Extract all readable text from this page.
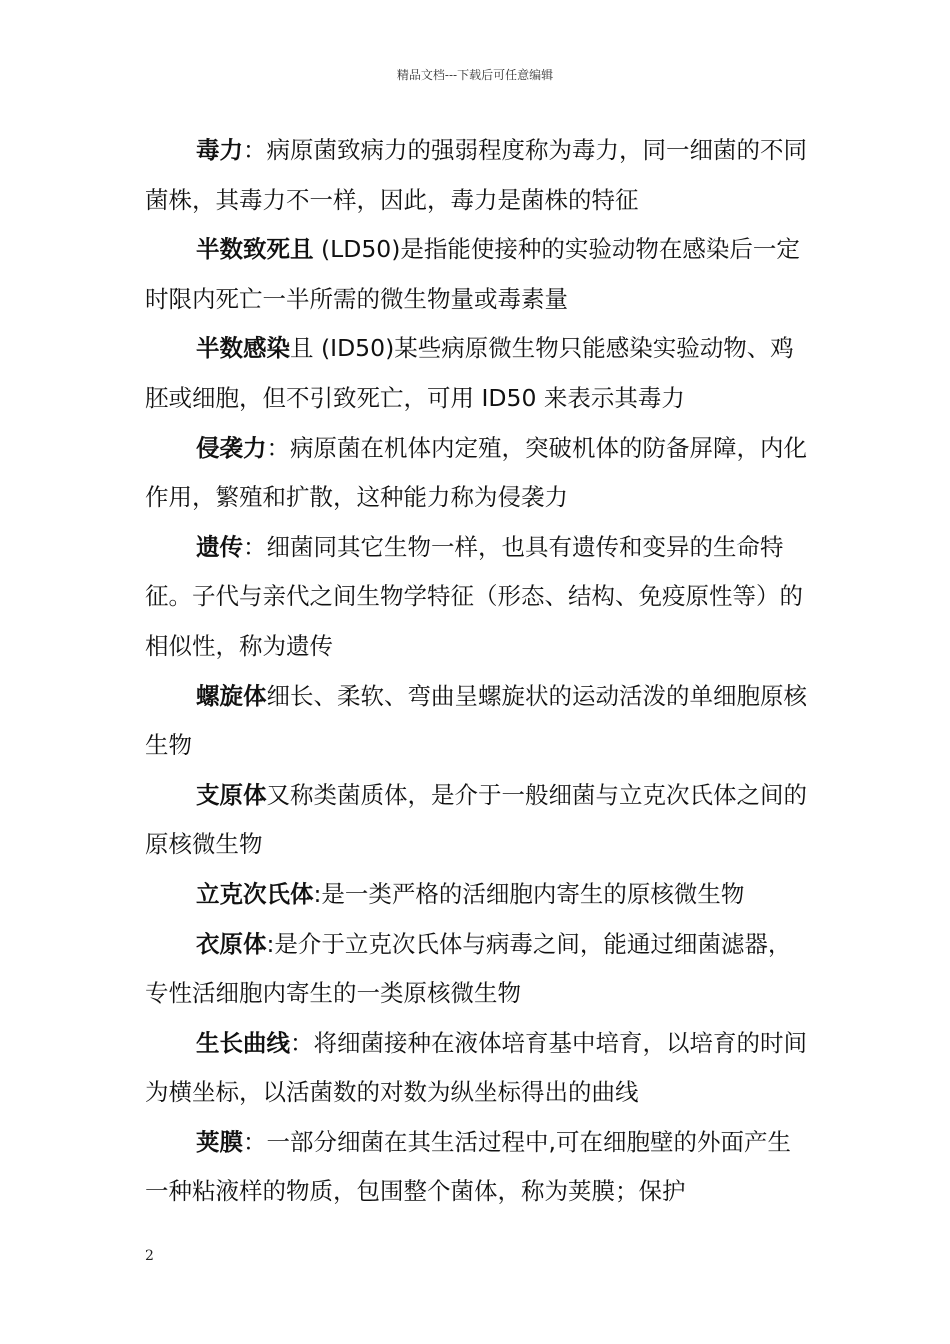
精品文档---下载后可任意编辑

毒力：病原菌致病力的强弱程度称为毒力，同一细菌的不同菌株，其毒力不一样，因此，毒力是菌株的特征

半数致死且 (LD50)是指能使接种的实验动物在感染后一定时限内死亡一半所需的微生物量或毒素量

半数感染且 (ID50)某些病原微生物只能感染实验动物、鸡胚或细胞，但不引致死亡，可用 ID50 来表示其毒力

侵袭力：病原菌在机体内定殖，突破机体的防备屏障，内化作用，繁殖和扩散，这种能力称为侵袭力

遗传：细菌同其它生物一样，也具有遗传和变异的生命特征。子代与亲代之间生物学特征（形态、结构、免疫原性等）的相似性，称为遗传

螺旋体细长、柔软、弯曲呈螺旋状的运动活泼的单细胞原核生物

支原体又称类菌质体，是介于一般细菌与立克次氏体之间的原核微生物

立克次氏体:是一类严格的活细胞内寄生的原核微生物

衣原体:是介于立克次氏体与病毒之间，能通过细菌滤器，专性活细胞内寄生的一类原核微生物

生长曲线：将细菌接种在液体培育基中培育，以培育的时间为横坐标，以活菌数的对数为纵坐标得出的曲线

荚膜：一部分细菌在其生活过程中,可在细胞壁的外面产生一种粘液样的物质，包围整个菌体，称为荚膜；保护

2
